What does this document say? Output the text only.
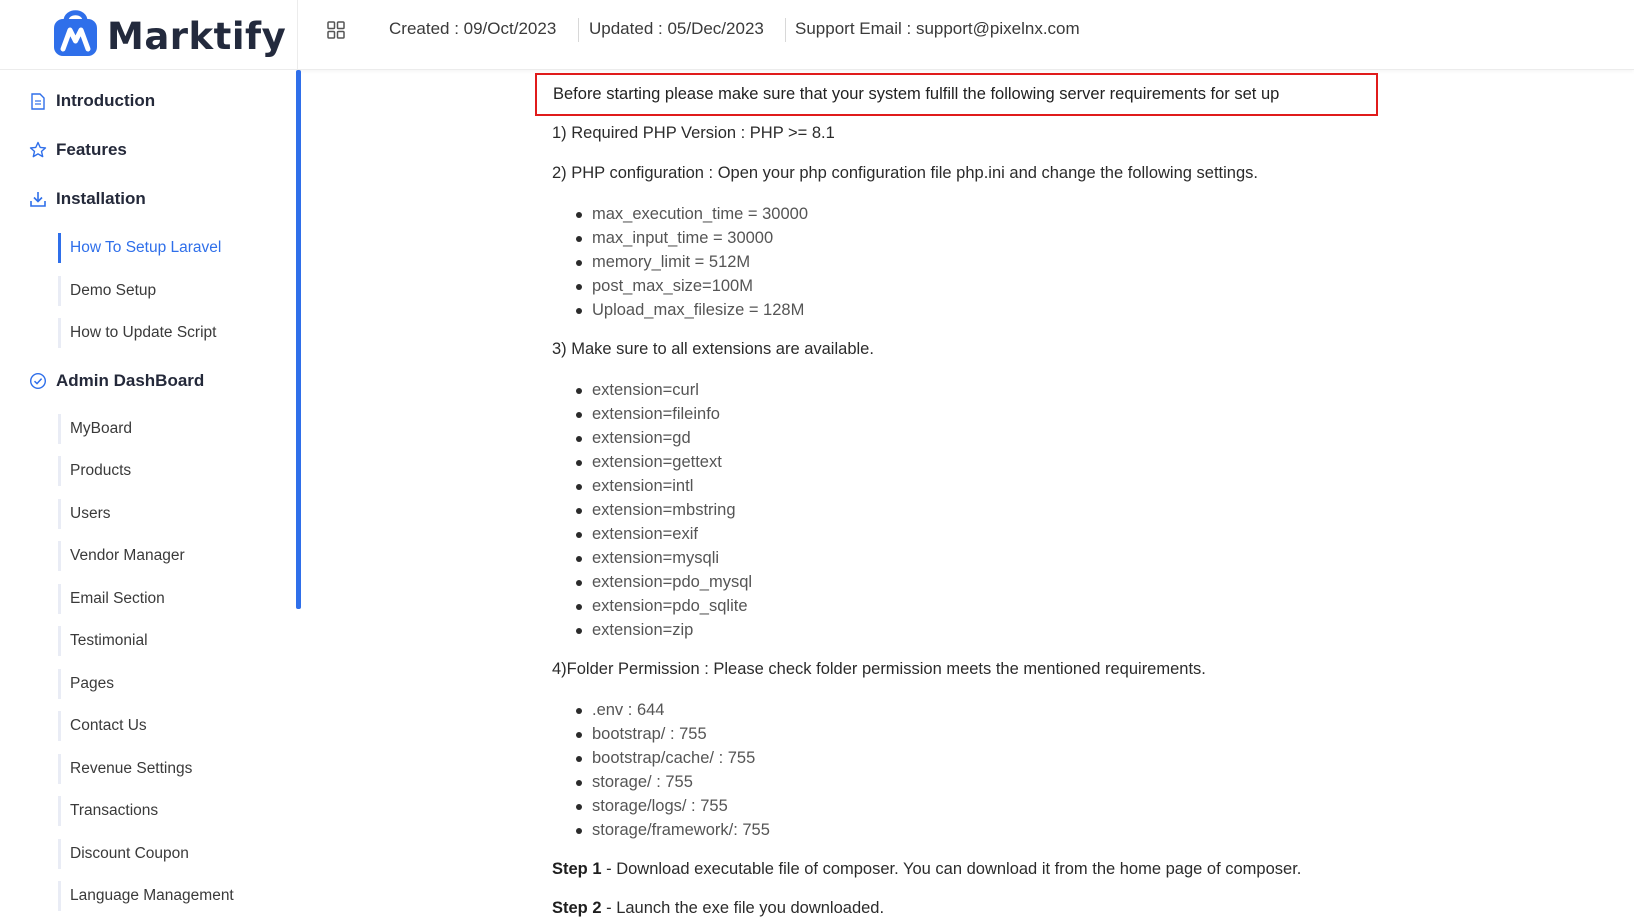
Marktify	Created : 09/Oct/2023 Updated : 05/Dec/2023 Support Email : support@pixelnx.com
Introduction
Features
Installation
How To Setup Laravel
Demo Setup
How to Update Script
Admin DashBoard
MyBoard
Products
Users
Vendor Manager
Email Section
Testimonial
Pages
Contact Us
Revenue Settings
Transactions
Discount Coupon
Language Management
Before starting please make sure that your system fulfill the following server requirements for set up
1) Required PHP Version : PHP >= 8.1
2) PHP configuration : Open your php configuration file php.ini and change the following settings.
max_execution_time = 30000
max_input_time = 30000
memory_limit = 512M
post_max_size=100M
Upload_max_filesize = 128M
3) Make sure to all extensions are available.
extension=curl
extension=fileinfo
extension=gd
extension=gettext
extension=intl
extension=mbstring
extension=exif
extension=mysqli
extension=pdo_mysql
extension=pdo_sqlite
extension=zip
4)Folder Permission : Please check folder permission meets the mentioned requirements.
.env : 644
bootstrap/ : 755
bootstrap/cache/ : 755
storage/ : 755
storage/logs/ : 755
storage/framework/: 755
Step 1 - Download executable file of composer. You can download it from the home page of composer.
Step 2 - Launch the exe file you downloaded.
